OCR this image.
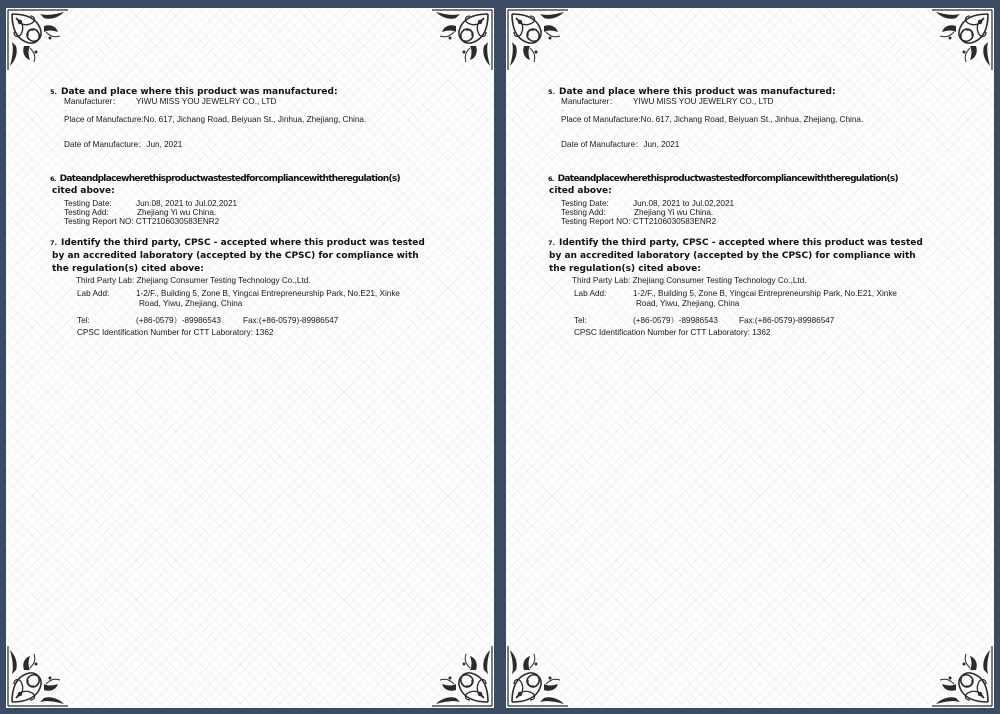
5. Date and place where this product was manufactured:
Manufacturer： YIWU MISS YOU JEWELRY CO., LTD
.
Place of Manufacture:No. 617, Jichang Road, Beiyuan St., Jinhua, Zhejiang, China.
Date of Manufacture：Jun, 2021
6. Dateandplacewherethisproductwastestedforcompliancewiththeregulation(s)
cited above:
Testing Date:	Jun.08, 2021 to Jul.02,2021
Testing Add:	Zhejiang Yi wu China.
Testing Report NO: CTT2106030583ENR2
7. Identify the third party, CPSC - accepted where this product was tested
by an accredited laboratory (accepted by the CPSC) for compliance with
the regulation(s) cited above:
Third Party Lab: Zhejiang Consumer Testing Technology Co.,Ltd.
Lab Add:	1-2/F., Building 5, Zone B, Yingcai Entrepreneurship Park, No.E21, Xinke
Road, Yiwu, Zhejiang, China
Tel:	(+86-0579）-89986543	Fax:(+86-0579)-89986547
CPSC Identification Number for CTT Laboratory: 1362
5. Date and place where this product was manufactured:
Manufacturer： YIWU MISS YOU JEWELRY CO., LTD
.
Place of Manufacture:No. 617, Jichang Road, Beiyuan St., Jinhua, Zhejiang, China.
Date of Manufacture：Jun, 2021
6. Dateandplacewherethisproductwastestedforcompliancewiththeregulation(s)
cited above:
Testing Date:	Jun.08, 2021 to Jul.02,2021
Testing Add:	Zhejiang Yi wu China.
Testing Report NO: CTT2106030583ENR2
7. Identify the third party, CPSC - accepted where this product was tested
by an accredited laboratory (accepted by the CPSC) for compliance with
the regulation(s) cited above:
Third Party Lab: Zhejiang Consumer Testing Technology Co.,Ltd.
Lab Add:	1-2/F., Building 5, Zone B, Yingcai Entrepreneurship Park, No.E21, Xinke
Road, Yiwu, Zhejiang, China
Tel:	(+86-0579）-89986543	Fax:(+86-0579)-89986547
CPSC Identification Number for CTT Laboratory: 1362
